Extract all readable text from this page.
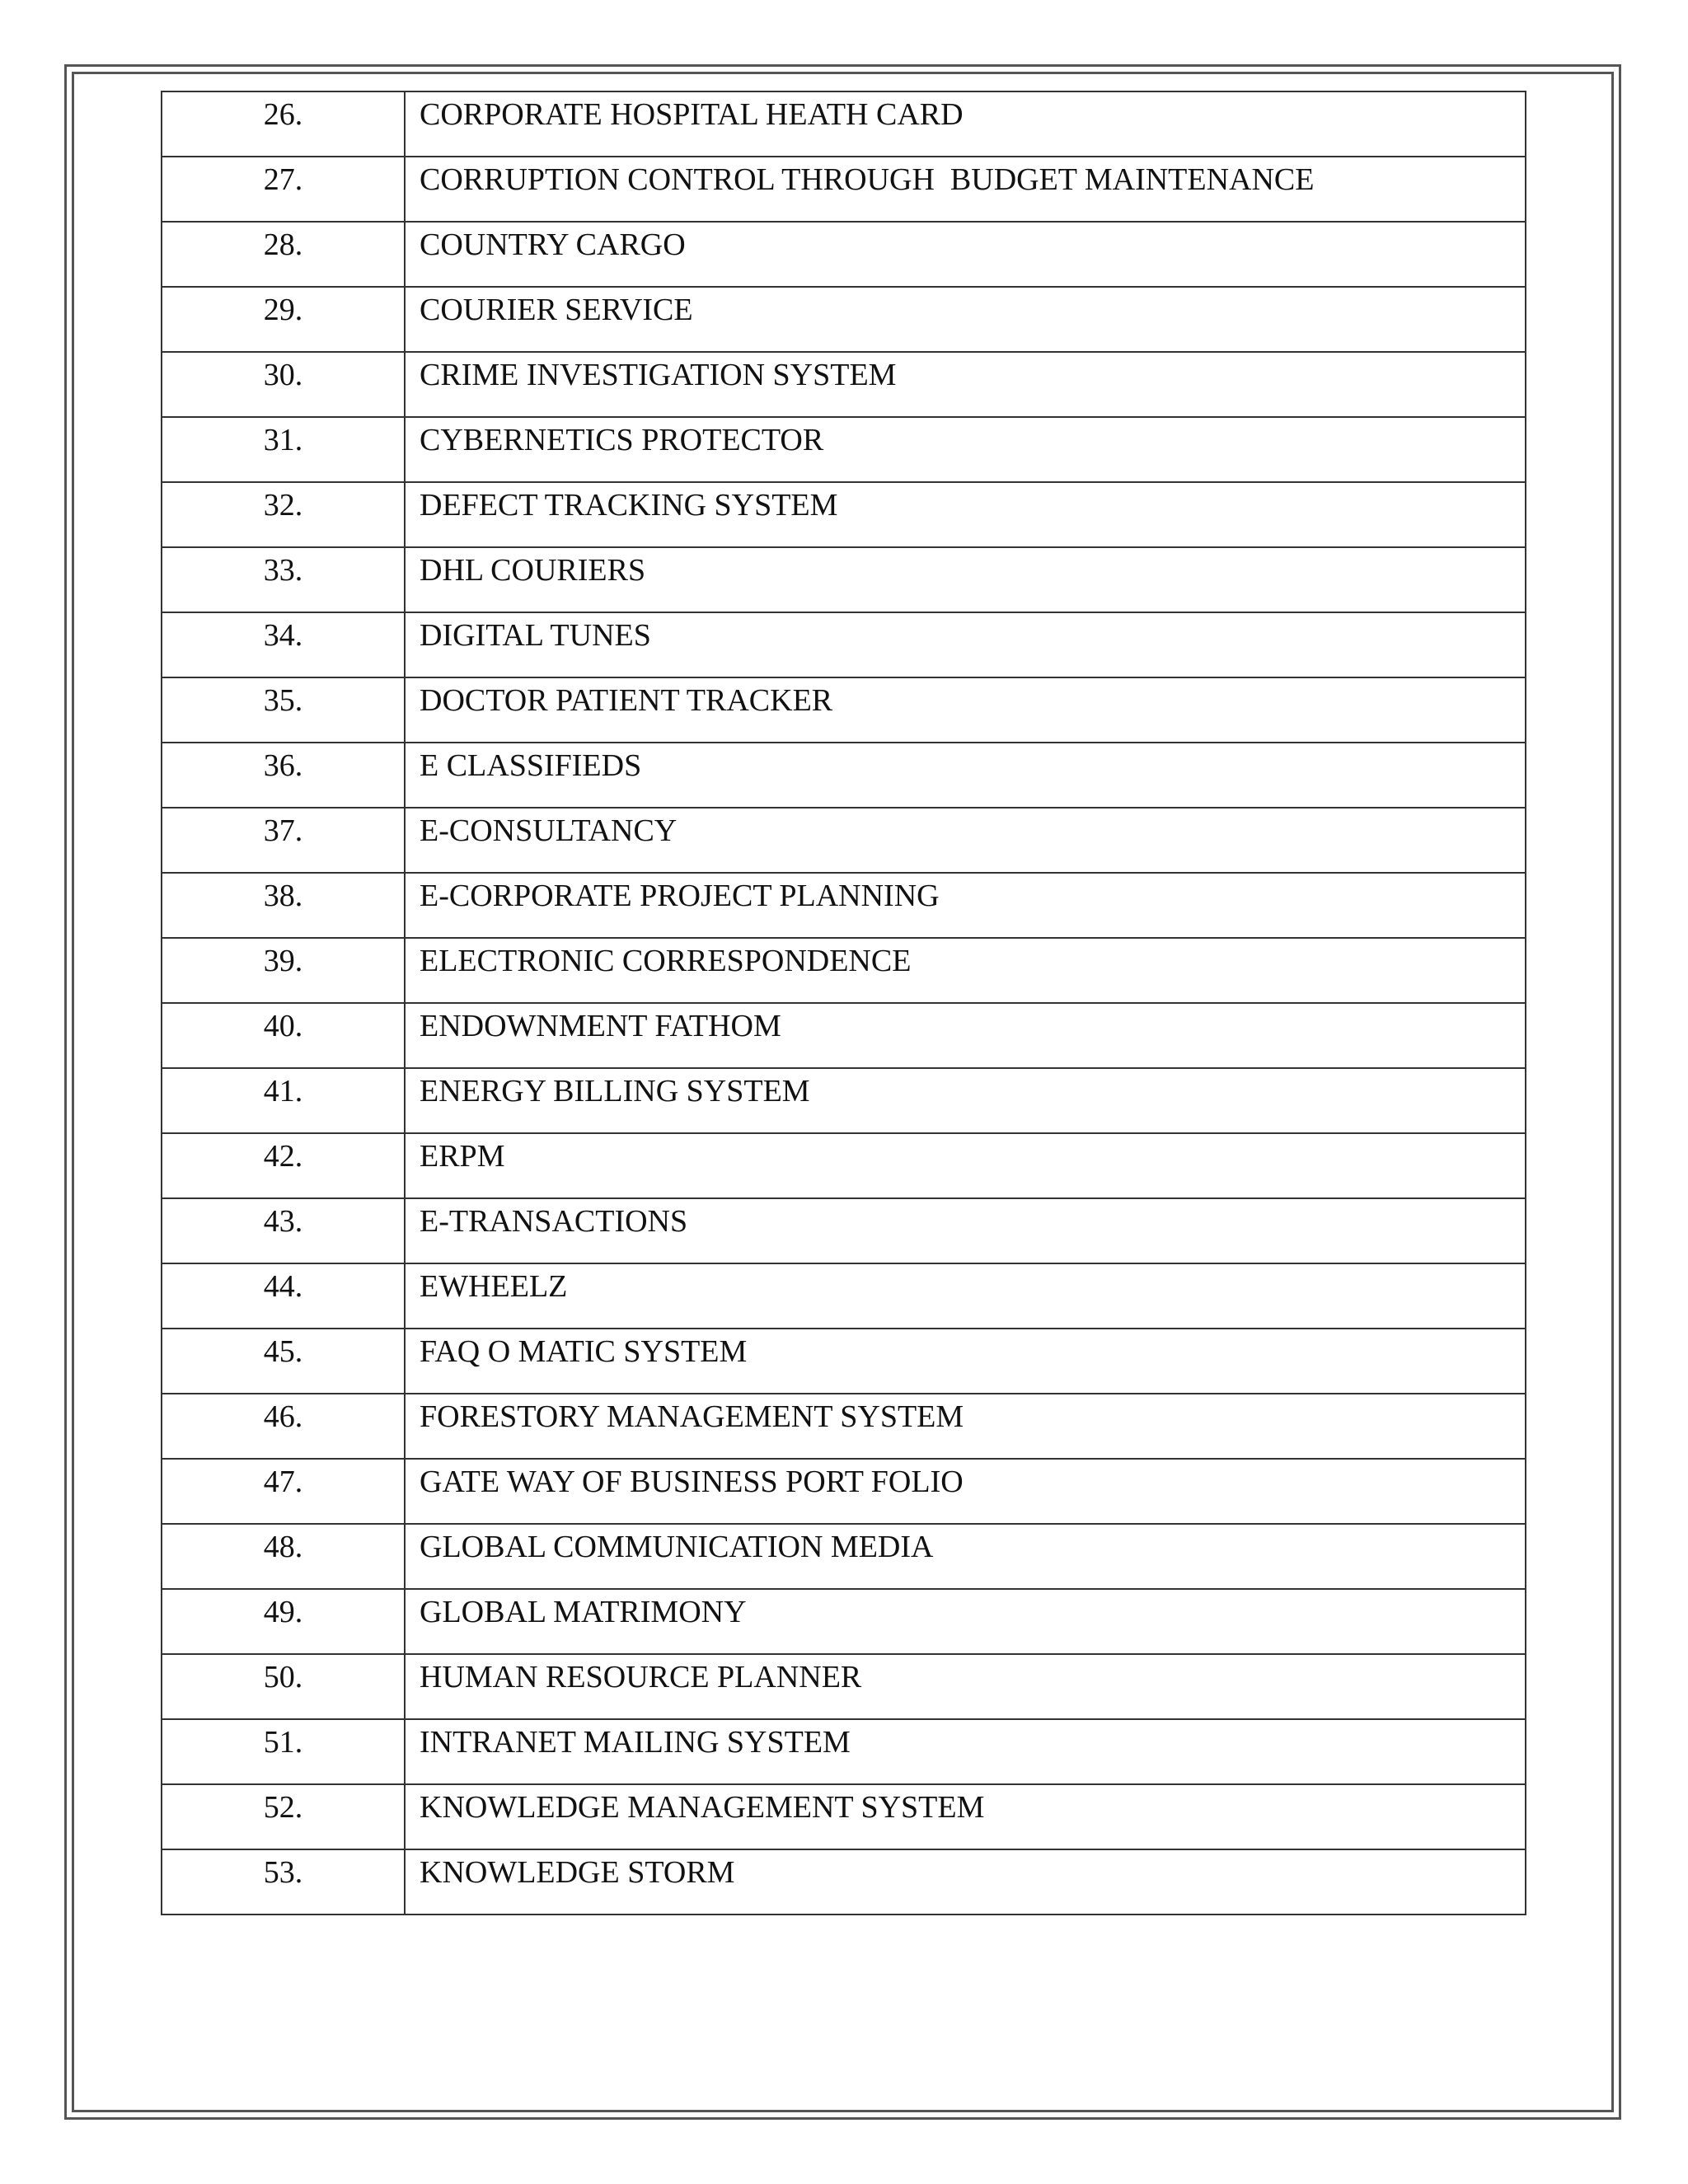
26.	CORPORATE HOSPITAL HEATH CARD

27.	CORRUPTION CONTROL THROUGH  BUDGET MAINTENANCE

28.	COUNTRY CARGO

29.	COURIER SERVICE

30.	CRIME INVESTIGATION SYSTEM

31.	CYBERNETICS PROTECTOR

32.	DEFECT TRACKING SYSTEM

33.	DHL COURIERS

34.	DIGITAL TUNES

35.	DOCTOR PATIENT TRACKER

36.	E CLASSIFIEDS

37.	E-CONSULTANCY

38.	E-CORPORATE PROJECT PLANNING

39.	ELECTRONIC CORRESPONDENCE

40.	ENDOWNMENT FATHOM

41.	ENERGY BILLING SYSTEM

42.	ERPM

43.	E-TRANSACTIONS

44.	EWHEELZ

45.	FAQ O MATIC SYSTEM

46.	FORESTORY MANAGEMENT SYSTEM

47.	GATE WAY OF BUSINESS PORT FOLIO

48.	GLOBAL COMMUNICATION MEDIA

49.	GLOBAL MATRIMONY

50.	HUMAN RESOURCE PLANNER

51.	INTRANET MAILING SYSTEM

52.	KNOWLEDGE MANAGEMENT SYSTEM

53.	KNOWLEDGE STORM
